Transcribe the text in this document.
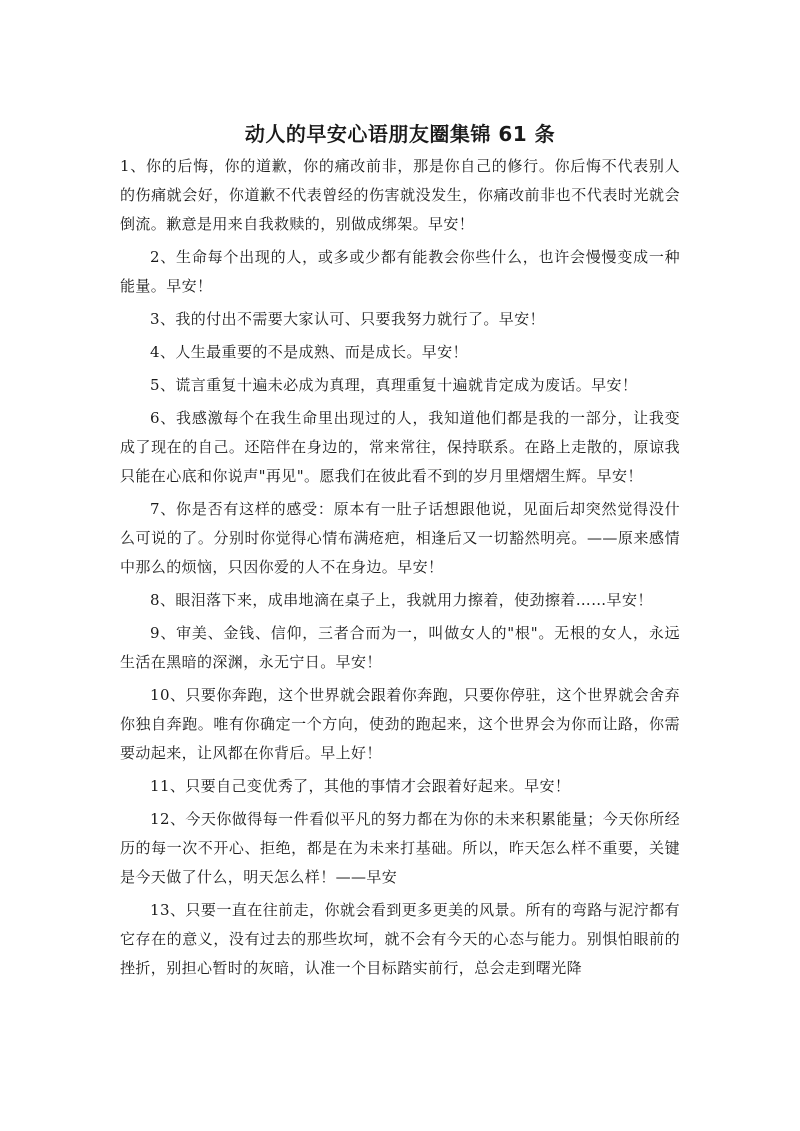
动人的早安心语朋友圈集锦 61 条

1、你的后悔，你的道歉，你的痛改前非，那是你自己的修行。你后悔不代表别人的伤痛就会好，你道歉不代表曾经的伤害就没发生，你痛改前非也不代表时光就会倒流。歉意是用来自我救赎的，别做成绑架。早安！

2、生命每个出现的人，或多或少都有能教会你些什么，也许会慢慢变成一种能量。早安！

3、我的付出不需要大家认可、只要我努力就行了。早安！

4、人生最重要的不是成熟、而是成长。早安！

5、谎言重复十遍未必成为真理，真理重复十遍就肯定成为废话。早安！

6、我感激每个在我生命里出现过的人，我知道他们都是我的一部分，让我变成了现在的自己。还陪伴在身边的，常来常往，保持联系。在路上走散的，原谅我只能在心底和你说声"再见"。愿我们在彼此看不到的岁月里熠熠生辉。早安！

7、你是否有这样的感受：原本有一肚子话想跟他说，见面后却突然觉得没什么可说的了。分别时你觉得心情布满疮疤，相逢后又一切豁然明亮。——原来感情中那么的烦恼，只因你爱的人不在身边。早安！

8、眼泪落下来，成串地滴在桌子上，我就用力擦着，使劲擦着……早安！

9、审美、金钱、信仰，三者合而为一，叫做女人的"根"。无根的女人，永远生活在黑暗的深渊，永无宁日。早安！

10、只要你奔跑，这个世界就会跟着你奔跑，只要你停驻，这个世界就会舍弃你独自奔跑。唯有你确定一个方向，使劲的跑起来，这个世界会为你而让路，你需要动起来，让风都在你背后。早上好！

11、只要自己变优秀了，其他的事情才会跟着好起来。早安！

12、今天你做得每一件看似平凡的努力都在为你的未来积累能量；今天你所经历的每一次不开心、拒绝，都是在为未来打基础。所以，昨天怎么样不重要，关键是今天做了什么，明天怎么样！——早安

13、只要一直在往前走，你就会看到更多更美的风景。所有的弯路与泥泞都有它存在的意义，没有过去的那些坎坷，就不会有今天的心态与能力。别惧怕眼前的挫折，别担心暂时的灰暗，认准一个目标踏实前行，总会走到曙光降
